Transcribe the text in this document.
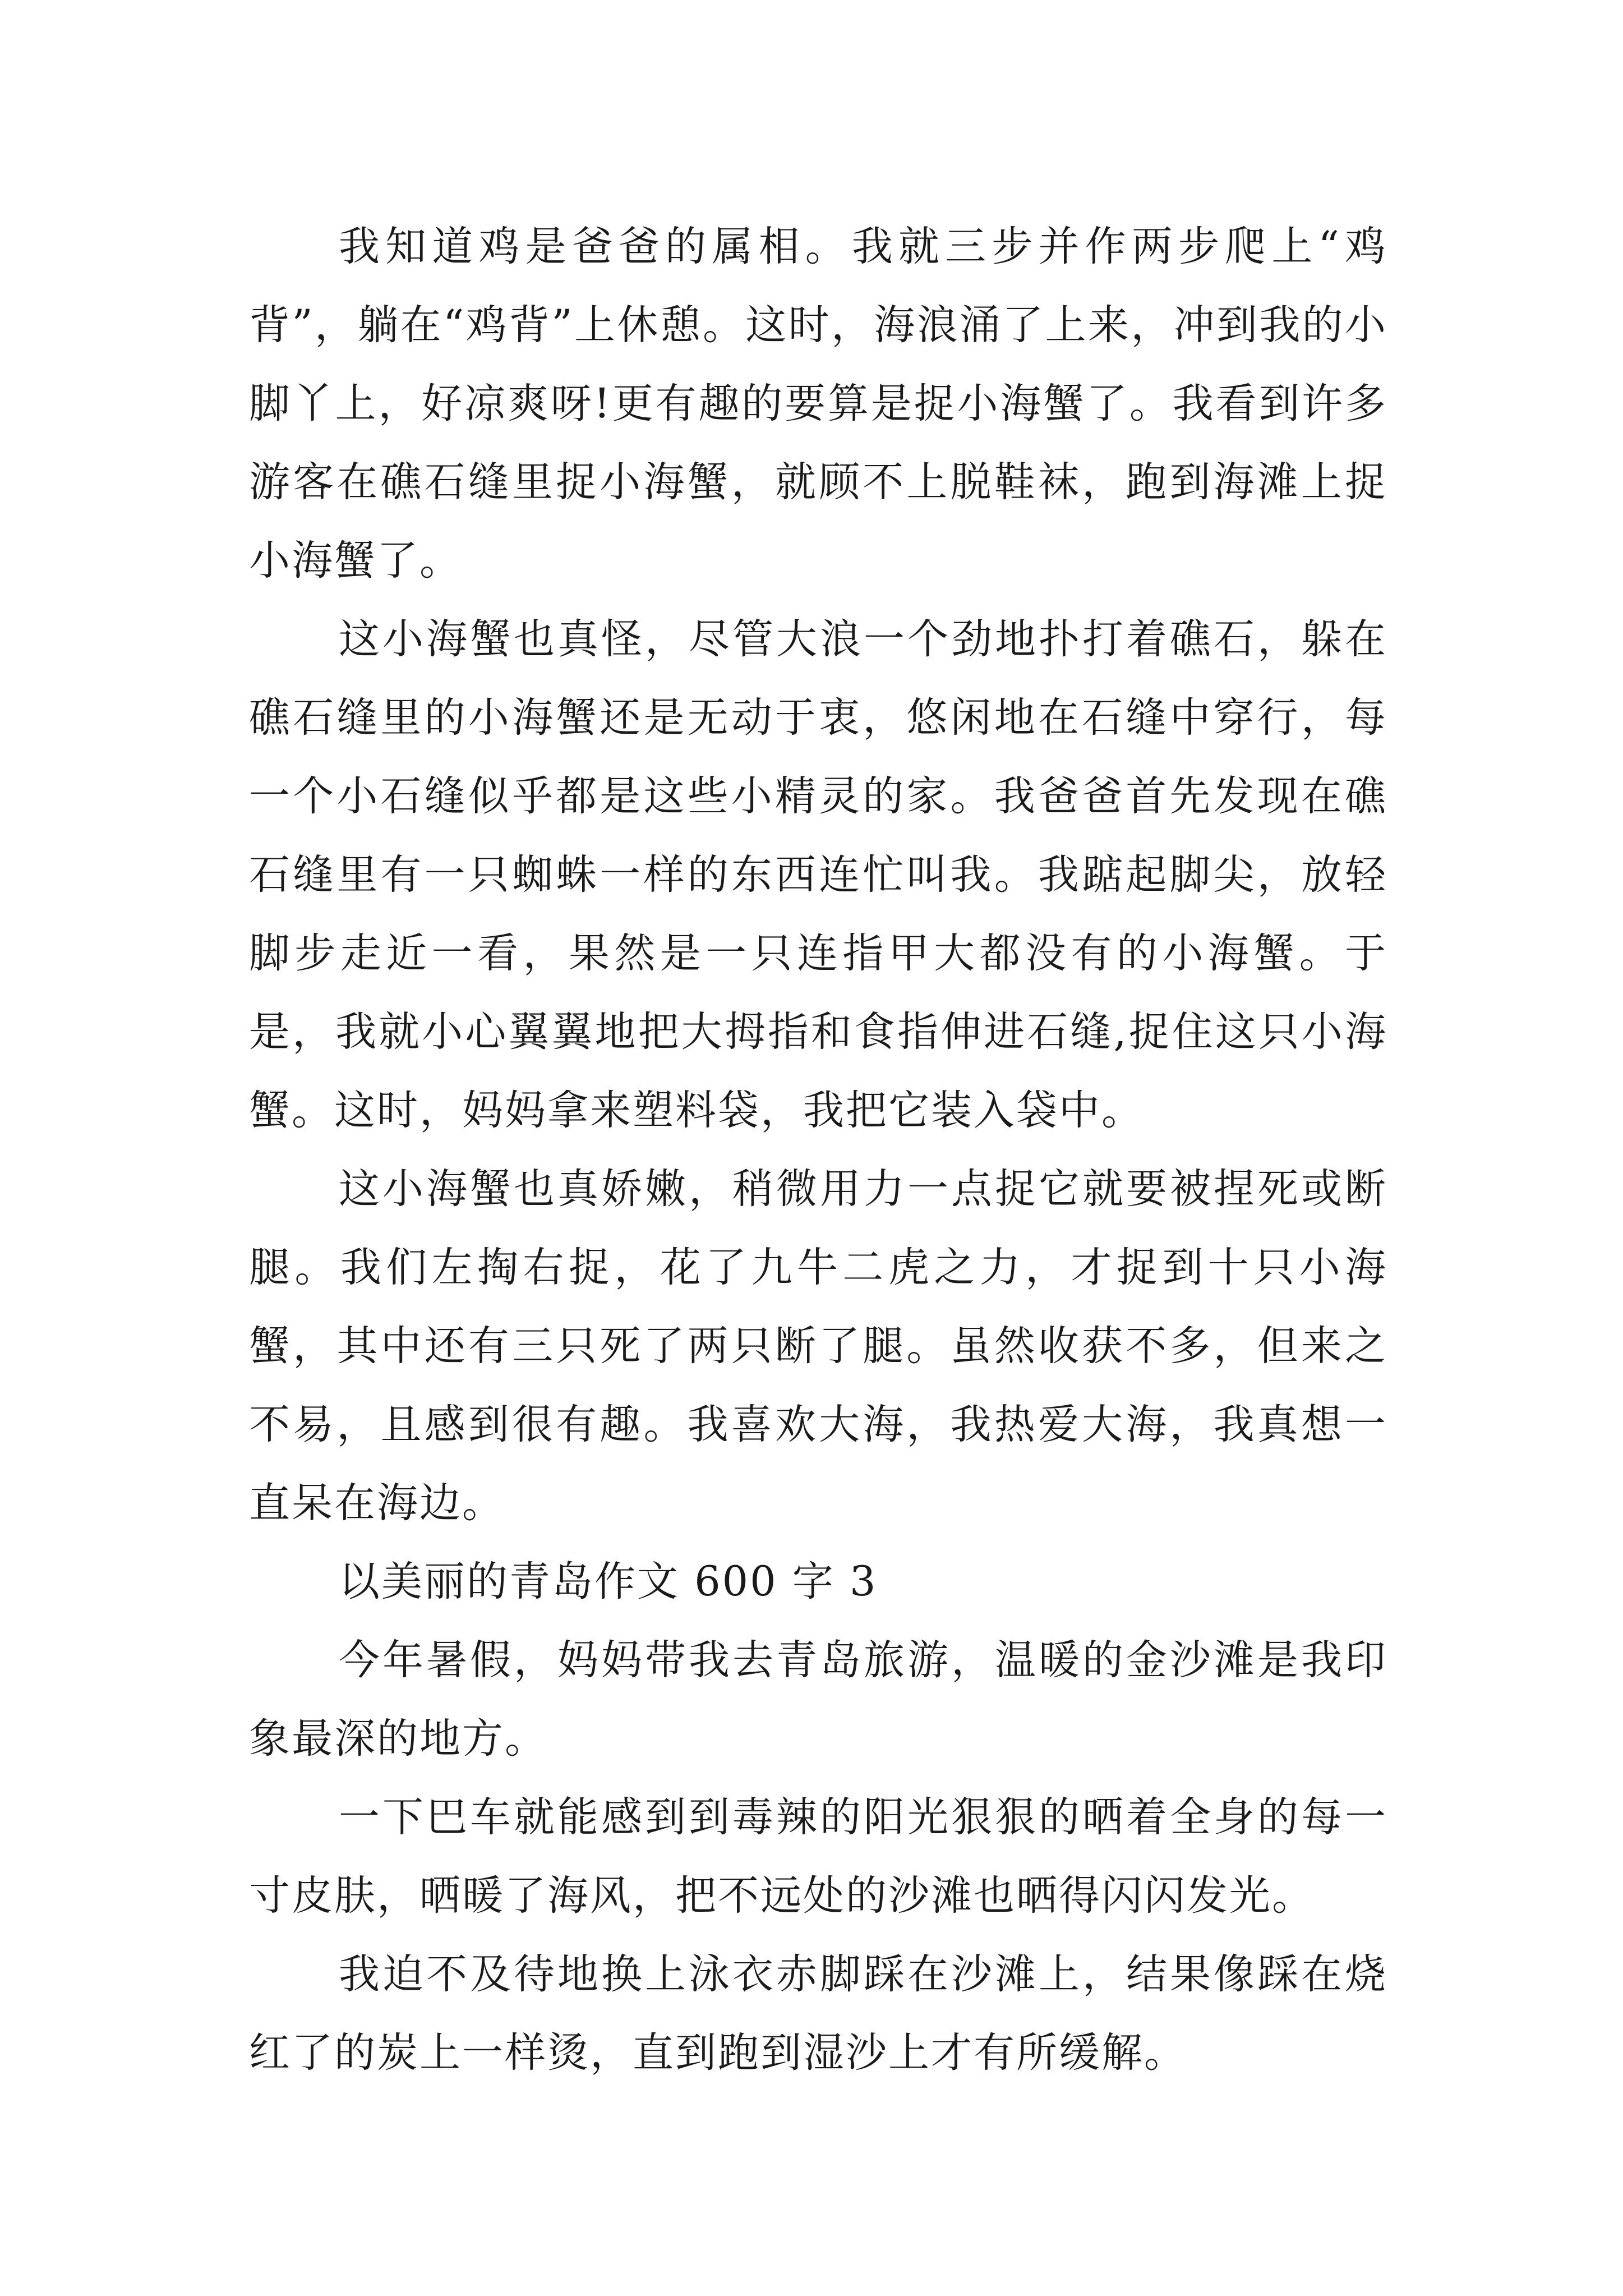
我知道鸡是爸爸的属相。我就三步并作两步爬上“鸡背”，躺在“鸡背”上休憩。这时，海浪涌了上来，冲到我的小脚丫上，好凉爽呀!更有趣的要算是捉小海蟹了。我看到许多游客在礁石缝里捉小海蟹，就顾不上脱鞋袜，跑到海滩上捉小海蟹了。

这小海蟹也真怪，尽管大浪一个劲地扑打着礁石，躲在礁石缝里的小海蟹还是无动于衷，悠闲地在石缝中穿行，每一个小石缝似乎都是这些小精灵的家。我爸爸首先发现在礁石缝里有一只蜘蛛一样的东西连忙叫我。我踮起脚尖，放轻脚步走近一看，果然是一只连指甲大都没有的小海蟹。于是，我就小心翼翼地把大拇指和食指伸进石缝,捉住这只小海蟹。这时，妈妈拿来塑料袋，我把它装入袋中。

这小海蟹也真娇嫩，稍微用力一点捉它就要被捏死或断腿。我们左掏右捉，花了九牛二虎之力，才捉到十只小海蟹，其中还有三只死了两只断了腿。虽然收获不多，但来之不易，且感到很有趣。我喜欢大海，我热爱大海，我真想一直呆在海边。

以美丽的青岛作文 600 字 3

今年暑假，妈妈带我去青岛旅游，温暖的金沙滩是我印象最深的地方。

一下巴车就能感到到毒辣的阳光狠狠的晒着全身的每一寸皮肤，晒暖了海风，把不远处的沙滩也晒得闪闪发光。

我迫不及待地换上泳衣赤脚踩在沙滩上，结果像踩在烧红了的炭上一样烫，直到跑到湿沙上才有所缓解。
